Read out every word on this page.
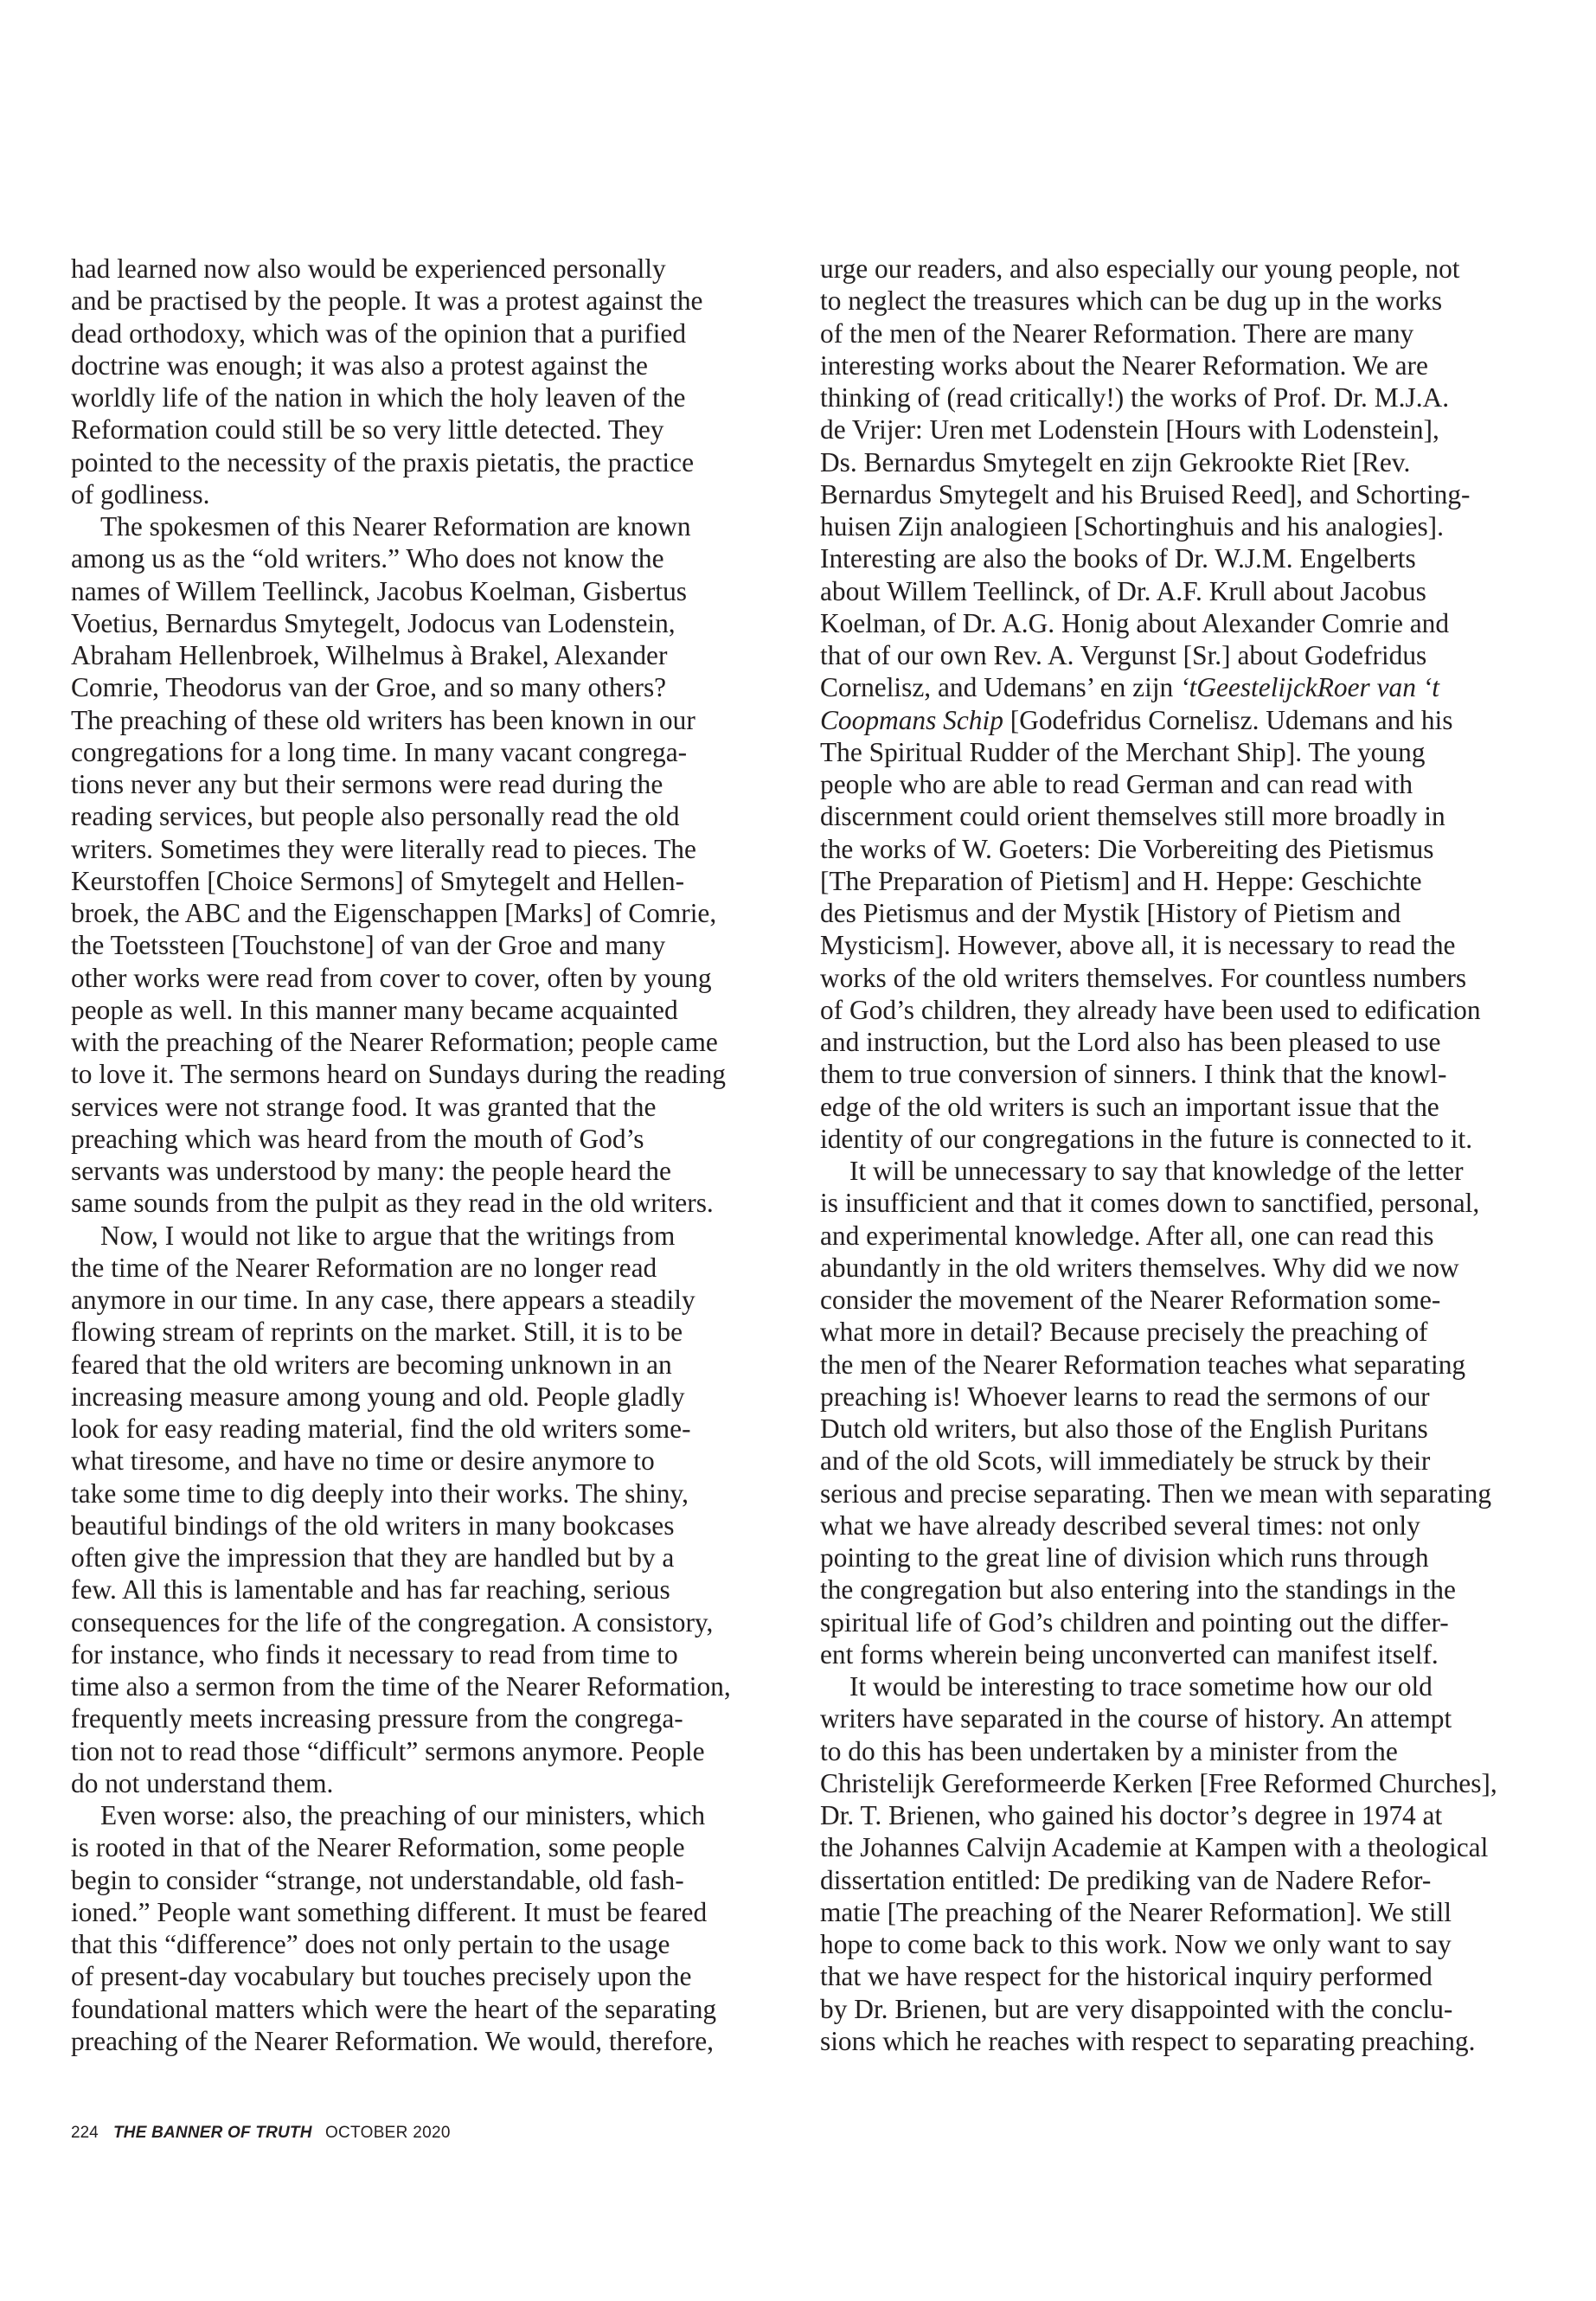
had learned now also would be experienced personally
and be practised by the people. It was a protest against the
dead orthodoxy, which was of the opinion that a purified
doctrine was enough; it was also a protest against the
worldly life of the nation in which the holy leaven of the
Reformation could still be so very little detected. They
pointed to the necessity of the praxis pietatis, the practice
of godliness.
The spokesmen of this Nearer Reformation are known
among us as the “old writers.” Who does not know the
names of Willem Teellinck, Jacobus Koelman, Gisbertus
Voetius, Bernardus Smytegelt, Jodocus van Lodenstein,
Abraham Hellenbroek, Wilhelmus à Brakel, Alexander
Comrie, Theodorus van der Groe, and so many others?
The preaching of these old writers has been known in our
congregations for a long time. In many vacant congrega-
tions never any but their sermons were read during the
reading services, but people also personally read the old
writers. Sometimes they were literally read to pieces. The
Keurstoffen [Choice Sermons] of Smytegelt and Hellen-
broek, the ABC and the Eigenschappen [Marks] of Comrie,
the Toetssteen [Touchstone] of van der Groe and many
other works were read from cover to cover, often by young
people as well. In this manner many became acquainted
with the preaching of the Nearer Reformation; people came
to love it. The sermons heard on Sundays during the reading
services were not strange food. It was granted that the
preaching which was heard from the mouth of God’s
servants was understood by many: the people heard the
same sounds from the pulpit as they read in the old writers.
Now, I would not like to argue that the writings from
the time of the Nearer Reformation are no longer read
anymore in our time. In any case, there appears a steadily
flowing stream of reprints on the market. Still, it is to be
feared that the old writers are becoming unknown in an
increasing measure among young and old. People gladly
look for easy reading material, find the old writers some-
what tiresome, and have no time or desire anymore to
take some time to dig deeply into their works. The shiny,
beautiful bindings of the old writers in many bookcases
often give the impression that they are handled but by a
few. All this is lamentable and has far reaching, serious
consequences for the life of the congregation. A consistory,
for instance, who finds it necessary to read from time to
time also a sermon from the time of the Nearer Reformation,
frequently meets increasing pressure from the congrega-
tion not to read those “difficult” sermons anymore. People
do not understand them.
Even worse: also, the preaching of our ministers, which
is rooted in that of the Nearer Reformation, some people
begin to consider “strange, not understandable, old fash-
ioned.” People want something different. It must be feared
that this “difference” does not only pertain to the usage
of present-day vocabulary but touches precisely upon the
foundational matters which were the heart of the separating
preaching of the Nearer Reformation. We would, therefore,
urge our readers, and also especially our young people, not
to neglect the treasures which can be dug up in the works
of the men of the Nearer Reformation. There are many
interesting works about the Nearer Reformation. We are
thinking of (read critically!) the works of Prof. Dr. M.J.A.
de Vrijer: Uren met Lodenstein [Hours with Lodenstein],
Ds. Bernardus Smytegelt en zijn Gekrookte Riet [Rev.
Bernardus Smytegelt and his Bruised Reed], and Schorting-
huisen Zijn analogieen [Schortinghuis and his analogies].
Interesting are also the books of Dr. W.J.M. Engelberts
about Willem Teellinck, of Dr. A.F. Krull about Jacobus
Koelman, of Dr. A.G. Honig about Alexander Comrie and
that of our own Rev. A. Vergunst [Sr.] about Godefridus
Cornelisz, and Udemans’ en zijn ‘tGeestelijckRoer van ‘t
Coopmans Schip [Godefridus Cornelisz. Udemans and his
The Spiritual Rudder of the Merchant Ship]. The young
people who are able to read German and can read with
discernment could orient themselves still more broadly in
the works of W. Goeters: Die Vorbereiting des Pietismus
[The Preparation of Pietism] and H. Heppe: Geschichte
des Pietismus and der Mystik [History of Pietism and
Mysticism]. However, above all, it is necessary to read the
works of the old writers themselves. For countless numbers
of God’s children, they already have been used to edification
and instruction, but the Lord also has been pleased to use
them to true conversion of sinners. I think that the knowl-
edge of the old writers is such an important issue that the
identity of our congregations in the future is connected to it.
It will be unnecessary to say that knowledge of the letter
is insufficient and that it comes down to sanctified, personal,
and experimental knowledge. After all, one can read this
abundantly in the old writers themselves. Why did we now
consider the movement of the Nearer Reformation some-
what more in detail? Because precisely the preaching of
the men of the Nearer Reformation teaches what separating
preaching is! Whoever learns to read the sermons of our
Dutch old writers, but also those of the English Puritans
and of the old Scots, will immediately be struck by their
serious and precise separating. Then we mean with separating
what we have already described several times: not only
pointing to the great line of division which runs through
the congregation but also entering into the standings in the
spiritual life of God’s children and pointing out the differ-
ent forms wherein being unconverted can manifest itself.
It would be interesting to trace sometime how our old
writers have separated in the course of history. An attempt
to do this has been undertaken by a minister from the
Christelijk Gereformeerde Kerken [Free Reformed Churches],
Dr. T. Brienen, who gained his doctor’s degree in 1974 at
the Johannes Calvijn Academie at Kampen with a theological
dissertation entitled: De prediking van de Nadere Refor-
matie [The preaching of the Nearer Reformation]. We still
hope to come back to this work. Now we only want to say
that we have respect for the historical inquiry performed
by Dr. Brienen, but are very disappointed with the conclu-
sions which he reaches with respect to separating preaching.
224 THE BANNER OF TRUTH OCTOBER 2020
